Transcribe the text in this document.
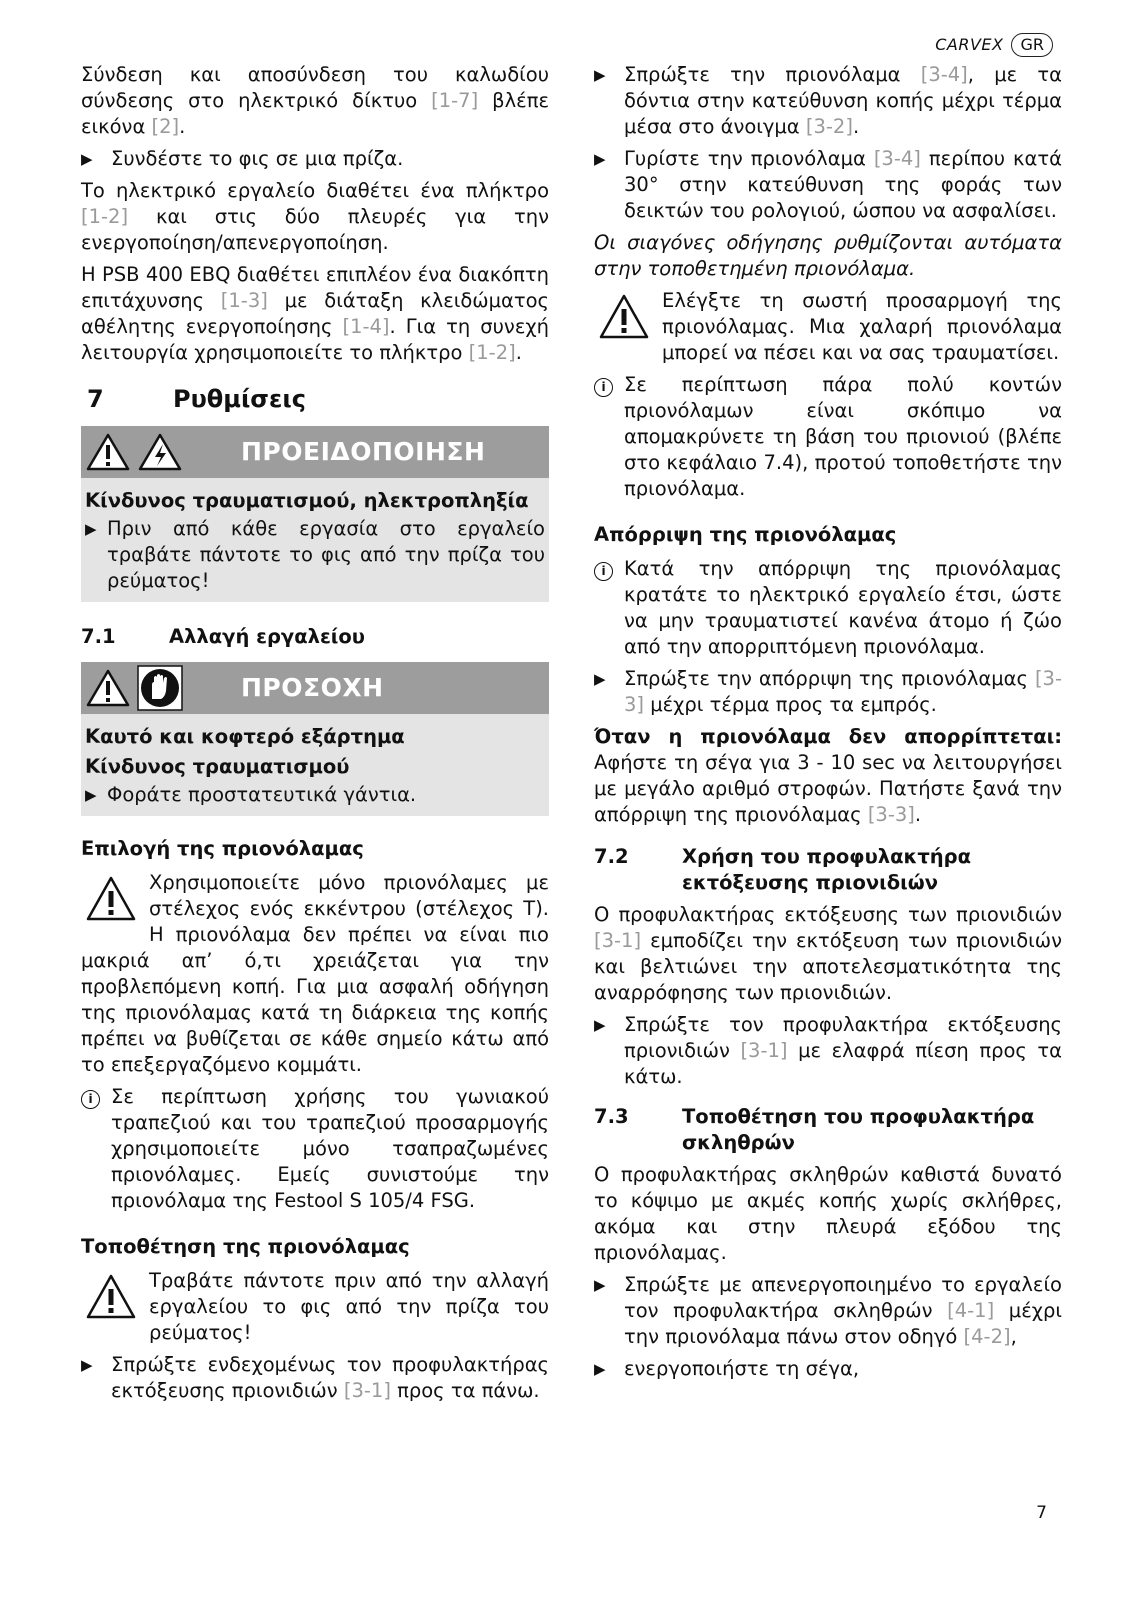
CARVEX	GR

Σύνδεση και αποσύνδεση του καλωδίου σύνδεσης στο ηλεκτρικό δίκτυο [1-7] βλέπε εικόνα [2].

▶ Συνδέστε το φις σε μια πρίζα.

Το ηλεκτρικό εργαλείο διαθέτει ένα πλήκτρο [1-2] και στις δύο πλευρές για την ενεργοποίηση/απενεργοποίηση.

Η PSB 400 EBQ διαθέτει επιπλέον ένα διακόπτη επιτάχυνσης [1-3] με διάταξη κλειδώματος αθέλητης ενεργοποίησης [1-4]. Για τη συνεχή λειτουργία χρησιμοποιείτε το πλήκτρο [1-2].

7	Ρυθμίσεις
ΠΡΟΕΙΔΟΠΟΙΗΣΗ

Κίνδυνος τραυματισμού, ηλεκτροπληξία

▶ Πριν από κάθε εργασία στο εργαλείο τραβάτε πάντοτε το φις από την πρίζα του ρεύματος!
7.1	Αλλαγή εργαλείου
ΠΡΟΣΟΧΗ

Καυτό και κοφτερό εξάρτημα

Κίνδυνος τραυματισμού

▶ Φοράτε προστατευτικά γάντια.
Επιλογή της πριονόλαμας

Χρησιμοποιείτε μόνο πριονόλαμες με στέλεχος ενός εκκέντρου (στέλεχος T). Η πριονόλαμα δεν πρέπει να είναι πιο μακριά απ’ ό,τι χρειάζεται για την προβλεπόμενη κοπή. Για μια ασφαλή οδήγηση της πριονόλαμας κατά τη διάρκεια της κοπής πρέπει να βυθίζεται σε κάθε σημείο κάτω από το επεξεργαζόμενο κομμάτι.

i Σε περίπτωση χρήσης του γωνιακού τραπεζιού και του τραπεζιού προσαρμογής χρησιμοποιείτε μόνο τσαπραζωμένες πριονόλαμες. Εμείς συνιστούμε την πριονόλαμα της Festool S 105/4 FSG.
Τοποθέτηση της πριονόλαμας

Τραβάτε πάντοτε πριν από την αλλαγή εργαλείου το φις από την πρίζα του ρεύματος!

▶ Σπρώξτε ενδεχομένως τον προφυλακτήρας εκτόξευσης πριονιδιών [3-1] προς τα πάνω.
▶ Σπρώξτε την πριονόλαμα [3-4], με τα δόντια στην κατεύθυνση κοπής μέχρι τέρμα μέσα στο άνοιγμα [3-2].
▶ Γυρίστε την πριονόλαμα [3-4] περίπου κατά 30° στην κατεύθυνση της φοράς των δεικτών του ρολογιού, ώσπου να ασφαλίσει.

Οι σιαγόνες οδήγησης ρυθμίζονται αυτόματα στην τοποθετημένη πριονόλαμα.

Ελέγξτε τη σωστή προσαρμογή της πριονόλαμας. Μια χαλαρή πριονόλαμα μπορεί να πέσει και να σας τραυματίσει.

i Σε περίπτωση πάρα πολύ κοντών πριονόλαμων είναι σκόπιμο να απομακρύνετε τη βάση του πριονιού (βλέπε στο κεφάλαιο 7.4), προτού τοποθετήστε την πριονόλαμα.
Απόρριψη της πριονόλαμας
i Κατά την απόρριψη της πριονόλαμας κρατάτε το ηλεκτρικό εργαλείο έτσι, ώστε να μην τραυματιστεί κανένα άτομο ή ζώο από την απορριπτόμενη πριονόλαμα.
▶ Σπρώξτε την απόρριψη της πριονόλαμας [3-3] μέχρι τέρμα προς τα εμπρός.

Όταν η πριονόλαμα δεν απορρίπτεται: Αφήστε τη σέγα για 3 - 10 sec να λειτουργήσει με μεγάλο αριθμό στροφών. Πατήστε ξανά την απόρριψη της πριονόλαμας [3-3].

7.2	Χρήση του προφυλακτήρα εκτόξευσης πριονιδιών

Ο προφυλακτήρας εκτόξευσης των πριονιδιών [3-1] εμποδίζει την εκτόξευση των πριονιδιών και βελτιώνει την αποτελεσματικότητα της αναρρόφησης των πριονιδιών.

▶ Σπρώξτε τον προφυλακτήρα εκτόξευσης πριονιδιών [3-1] με ελαφρά πίεση προς τα κάτω.
7.3	Τοποθέτηση του προφυλακτήρα σκληθρών

Ο προφυλακτήρας σκληθρών καθιστά δυνατό το κόψιμο με ακμές κοπής χωρίς σκλήθρες, ακόμα και στην πλευρά εξόδου της πριονόλαμας.

▶ Σπρώξτε με απενεργοποιημένο το εργαλείο τον προφυλακτήρα σκληθρών [4-1] μέχρι την πριονόλαμα πάνω στον οδηγό [4-2],
▶ ενεργοποιήστε τη σέγα,
7
